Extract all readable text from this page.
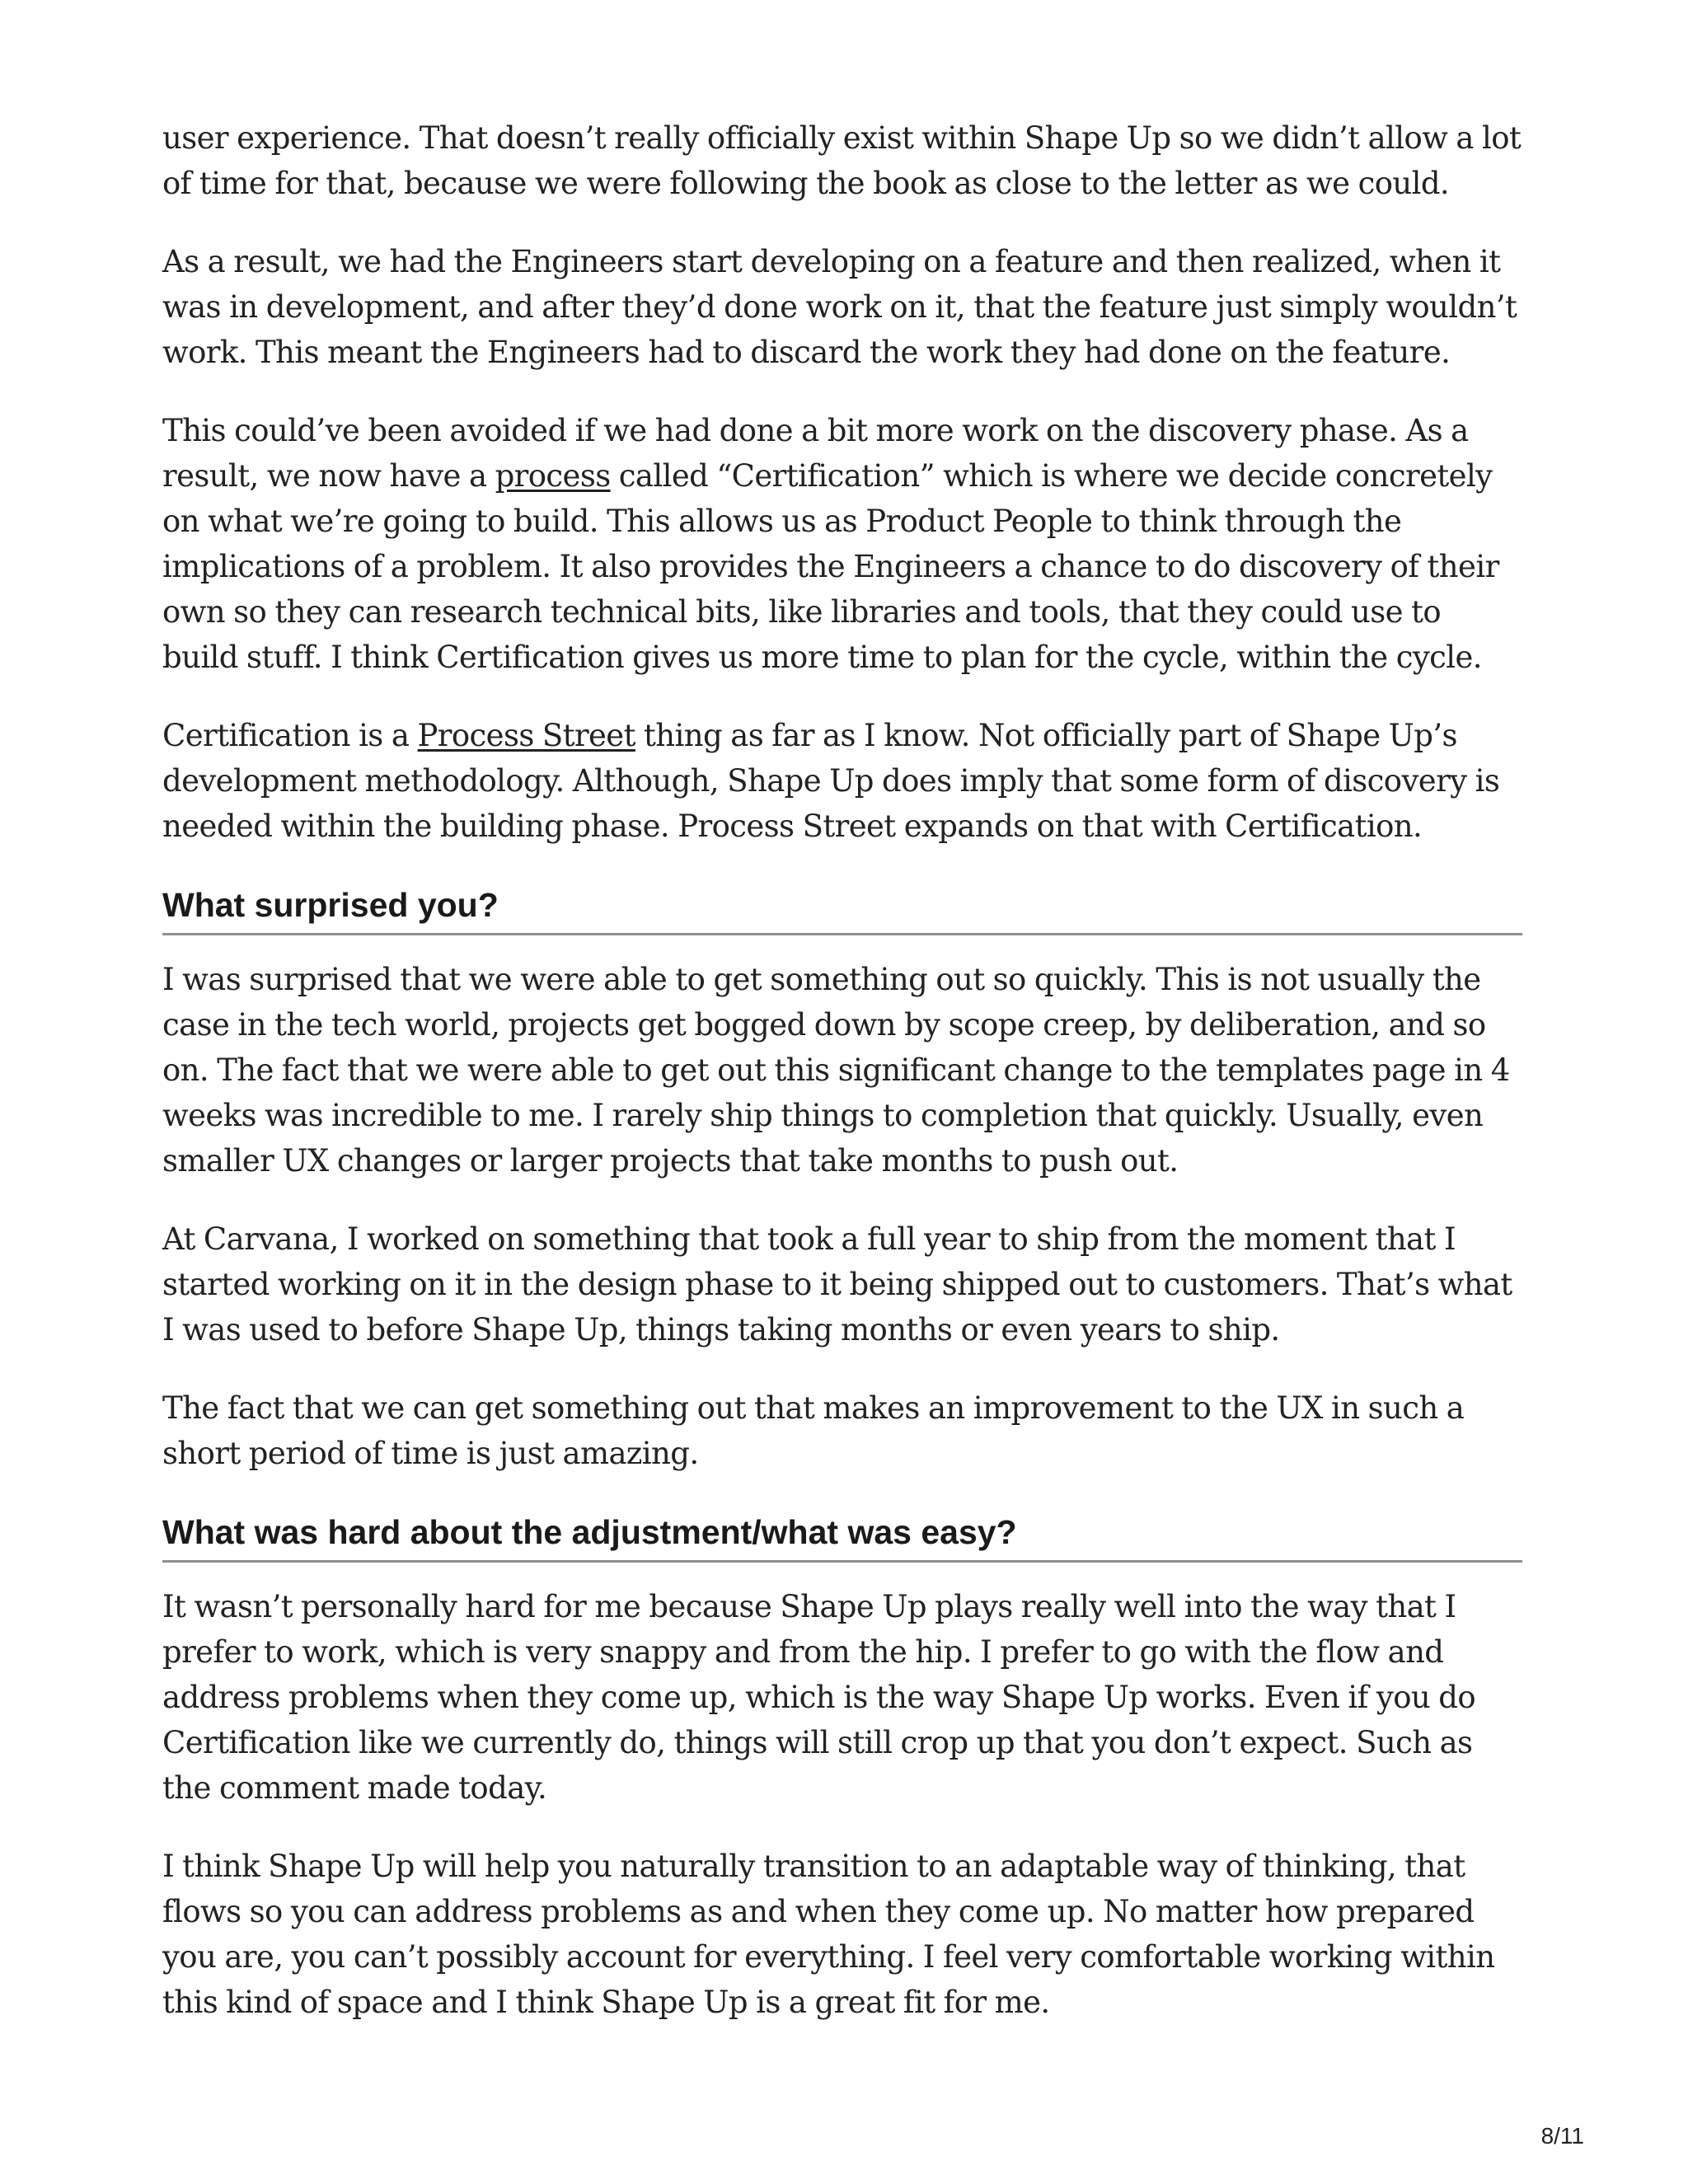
user experience. That doesn’t really officially exist within Shape Up so we didn’t allow a lot of time for that, because we were following the book as close to the letter as we could.

As a result, we had the Engineers start developing on a feature and then realized, when it was in development, and after they’d done work on it, that the feature just simply wouldn’t work. This meant the Engineers had to discard the work they had done on the feature.

This could’ve been avoided if we had done a bit more work on the discovery phase. As a result, we now have a process called “Certification” which is where we decide concretely on what we’re going to build. This allows us as Product People to think through the implications of a problem. It also provides the Engineers a chance to do discovery of their own so they can research technical bits, like libraries and tools, that they could use to build stuff. I think Certification gives us more time to plan for the cycle, within the cycle.

Certification is a Process Street thing as far as I know. Not officially part of Shape Up’s development methodology. Although, Shape Up does imply that some form of discovery is needed within the building phase. Process Street expands on that with Certification.

What surprised you?

I was surprised that we were able to get something out so quickly. This is not usually the case in the tech world, projects get bogged down by scope creep, by deliberation, and so on. The fact that we were able to get out this significant change to the templates page in 4 weeks was incredible to me. I rarely ship things to completion that quickly. Usually, even smaller UX changes or larger projects that take months to push out.

At Carvana, I worked on something that took a full year to ship from the moment that I started working on it in the design phase to it being shipped out to customers. That’s what I was used to before Shape Up, things taking months or even years to ship.

The fact that we can get something out that makes an improvement to the UX in such a short period of time is just amazing.

What was hard about the adjustment/what was easy?

It wasn’t personally hard for me because Shape Up plays really well into the way that I prefer to work, which is very snappy and from the hip. I prefer to go with the flow and address problems when they come up, which is the way Shape Up works. Even if you do Certification like we currently do, things will still crop up that you don’t expect. Such as the comment made today.

I think Shape Up will help you naturally transition to an adaptable way of thinking, that flows so you can address problems as and when they come up. No matter how prepared you are, you can’t possibly account for everything. I feel very comfortable working within this kind of space and I think Shape Up is a great fit for me.

8/11
